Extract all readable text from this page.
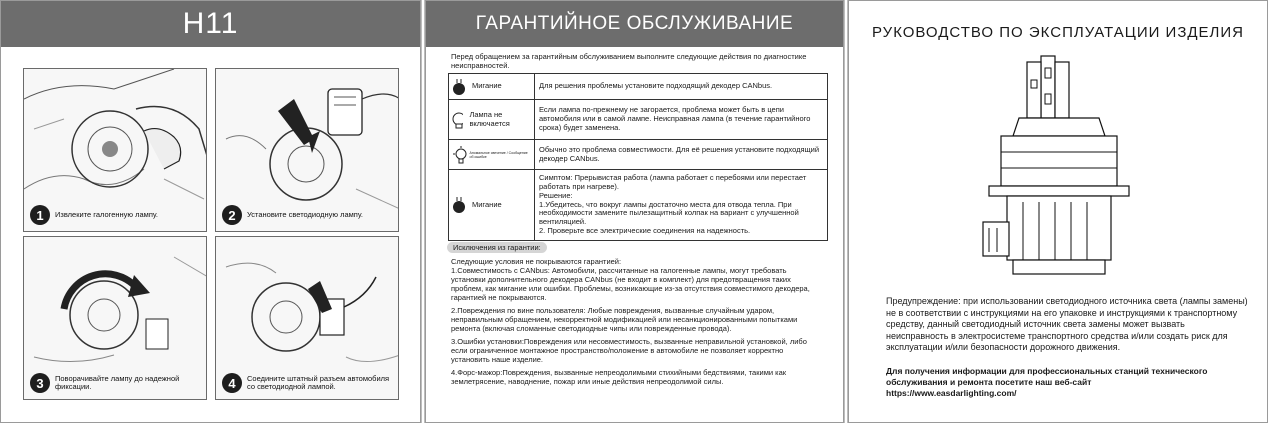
H11
1	Извлеките галогенную лампу.	2	Установите светодиодную лампу.
3	Поворачивайте лампу до надежной фиксации.	4	Соедините штатный разъем автомобиля со светодиодной лампой.
ГАРАНТИЙНОЕ ОБСЛУЖИВАНИЕ
Перед обращением за гарантийным обслуживанием выполните следующие действия по диагностике неисправностей.
Мигание	Для решения проблемы установите подходящий декодер CANbus.

Лампа не включается	Если лампа по-прежнему не загорается, проблема может быть в цепи автомобиля или в самой лампе. Неисправная лампа (в течение гарантийного срока) будет заменена.

Аномальное свечение / Сообщение об ошибке	Обычно это проблема совместимости. Для её решения установите подходящий декодер CANbus.

Мигание	Симптом: Прерывистая работа (лампа работает с перебоями или перестает работать при нагреве).
Решение:
1.Убедитесь, что вокруг лампы достаточно места для отвода тепла. При необходимости замените пылезащитный колпак на вариант с улучшенной вентиляцией.
2. Проверьте все электрические соединения на надежность.
Исключения из гарантии:

Следующие условия не покрываются гарантией:

1.Совместимость с CANbus: Автомобили, рассчитанные на галогенные лампы, могут требовать установки дополнительного декодера CANbus (не входит в комплект) для предотвращения таких проблем, как мигание или ошибки. Проблемы, возникающие из-за отсутствия совместимого декодера, гарантией не покрываются.

2.Повреждения по вине пользователя: Любые повреждения, вызванные случайным ударом, неправильным обращением, некорректной модификацией или несанкционированными попытками ремонта (включая сломанные светодиодные чипы или поврежденные провода).

3.Ошибки установки:Повреждения или несовместимость, вызванные неправильной установкой, либо если ограниченное монтажное пространство/положение в автомобиле не позволяет корректно установить наше изделие.

4.Форс-мажор:Повреждения, вызванные непреодолимыми стихийными бедствиями, такими как землетрясение, наводнение, пожар или иные действия непреодолимой силы.

РУКОВОДСТВО ПО ЭКСПЛУАТАЦИИ ИЗДЕЛИЯ
Предупреждение: при использовании светодиодного источника света (лампы замены) не в соответствии с инструкциями на его упаковке и инструкциями к транспортному средству, данный светодиодный источник света замены может вызвать неисправность в электросистеме транспортного средства и/или создать риск для эксплуатации и/или безопасности дорожного движения.
Для получения информации для профессиональных станций технического обслуживания и ремонта посетите наш веб-сайт
https://www.easdarlighting.com/
